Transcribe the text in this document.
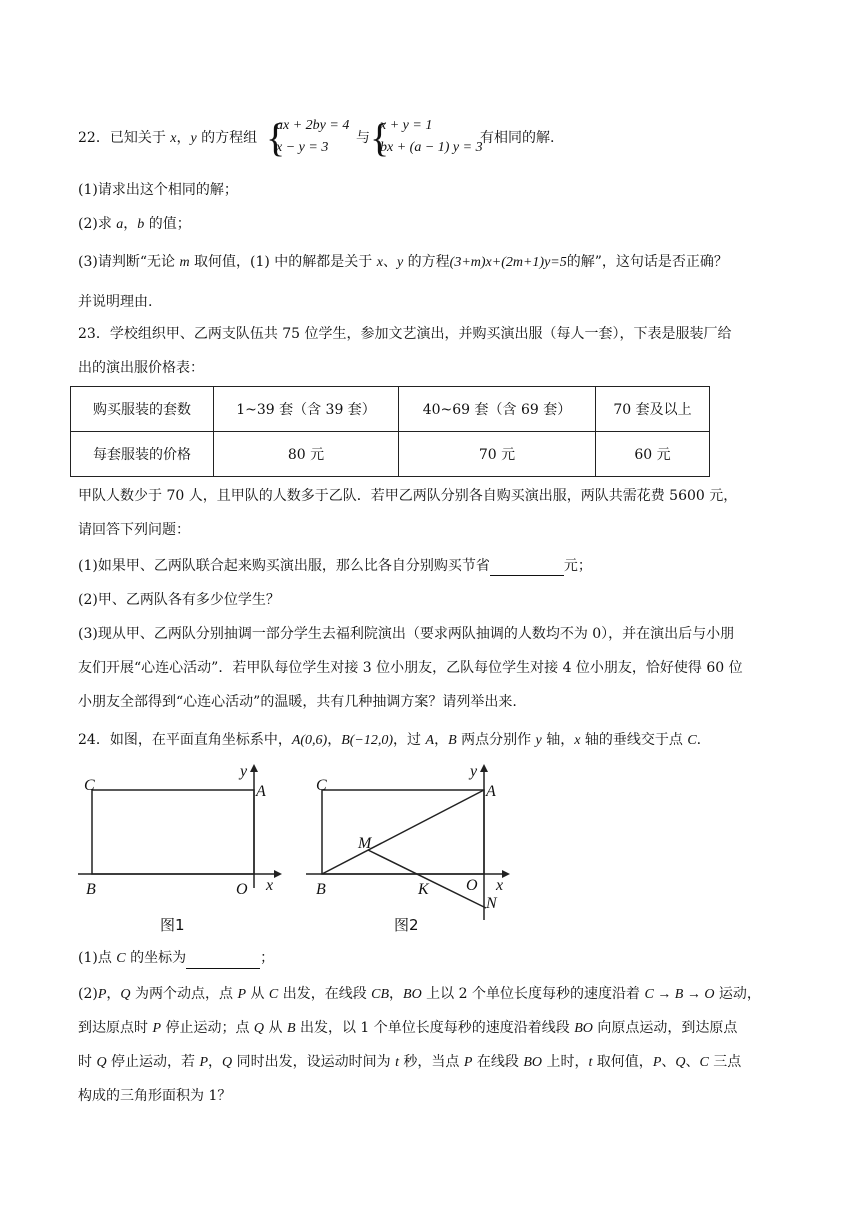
22．已知关于 x，y 的方程组 {
ax + 2by = 4
x − y = 3
与 {
x + y = 1
bx + (a − 1) y = 3
有相同的解.
(1)请求出这个相同的解；
(2)求 a，b 的值；
(3)请判断“无论 m 取何值，(1) 中的解都是关于 x、y 的方程(3+m)x+(2m+1)y=5的解”，这句话是否正确？
并说明理由.
23．学校组织甲、乙两支队伍共 75 位学生，参加文艺演出，并购买演出服（每人一套），下表是服装厂给
出的演出服价格表：
购买服装的套数	1~39 套（含 39 套）	40~69 套（含 69 套）	70 套及以上
每套服装的价格	80 元	70 元	60 元
甲队人数少于 70 人，且甲队的人数多于乙队．若甲乙两队分别各自购买演出服，两队共需花费 5600 元，
请回答下列问题：
(1)如果甲、乙两队联合起来购买演出服，那么比各自分别购买节省	元；
(2)甲、乙两队各有多少位学生？
(3)现从甲、乙两队分别抽调一部分学生去福利院演出（要求两队抽调的人数均不为 0），并在演出后与小朋
友们开展“心连心活动”．若甲队每位学生对接 3 位小朋友，乙队每位学生对接 4 位小朋友，恰好使得 60 位
小朋友全部得到“心连心活动”的温暖，共有几种抽调方案？请列举出来.
24．如图，在平面直角坐标系中，A(0,6)，B(−12,0)，过 A，B 两点分别作 y 轴，x 轴的垂线交于点 C.
C	A
B	O x
y
图1
C	A
B	O x
y
M
K
N
图2
(1)点 C 的坐标为	；
(2)P，Q 为两个动点，点 P 从 C 出发，在线段 CB，BO 上以 2 个单位长度每秒的速度沿着 C → B → O 运动，
到达原点时 P 停止运动；点 Q 从 B 出发，以 1 个单位长度每秒的速度沿着线段 BO 向原点运动，到达原点
时 Q 停止运动，若 P，Q 同时出发，设运动时间为 t 秒，当点 P 在线段 BO 上时，t 取何值，P、Q、C 三点
构成的三角形面积为 1？
